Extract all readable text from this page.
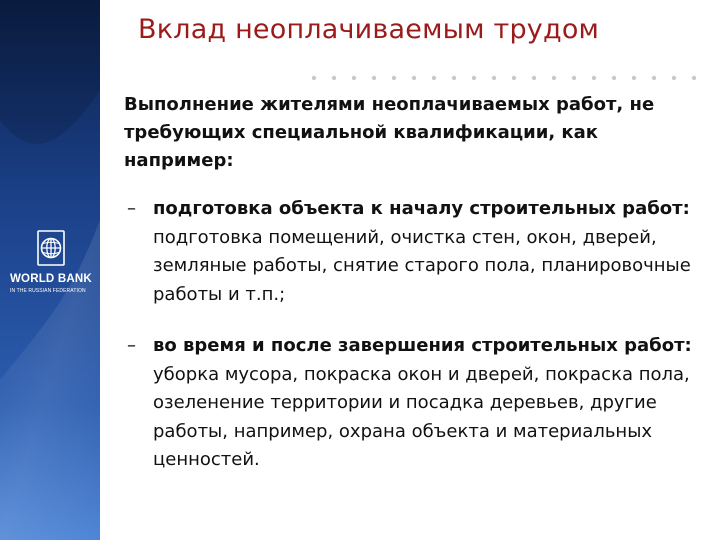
WORLD BANK
IN THE RUSSIAN FEDERATION
Вклад неоплачиваемым трудом
Выполнение жителями неоплачиваемых работ, не требующих специальной квалификации, как например:
– подготовка объекта к началу строительных работ: подготовка помещений, очистка стен, окон, дверей, земляные работы, снятие старого пола, планировочные работы и т.п.;
– во время и после завершения строительных работ: уборка мусора, покраска окон и дверей, покраска пола, озеленение территории и посадка деревьев, другие работы, например, охрана объекта и материальных ценностей.
